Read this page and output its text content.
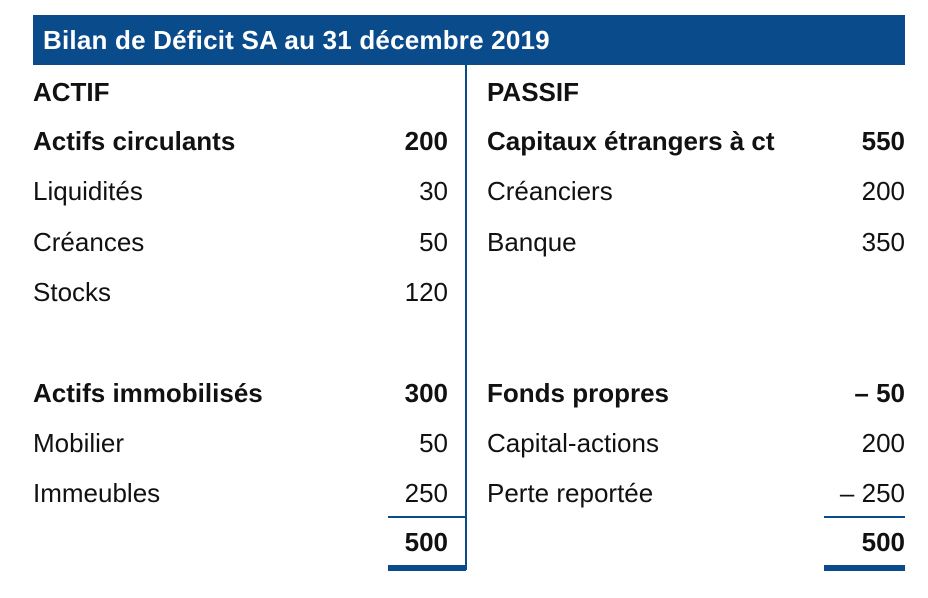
Bilan de Déficit SA au 31 décembre 2019
ACTIF
Actifs circulants	200
Liquidités	30
Créances	50
Stocks	120
Actifs immobilisés	300
Mobilier	50
Immeubles	250
500
PASSIF
Capitaux étrangers à ct	550
Créanciers	200
Banque	350
Fonds propres	– 50
Capital-actions	200
Perte reportée	– 250
500
